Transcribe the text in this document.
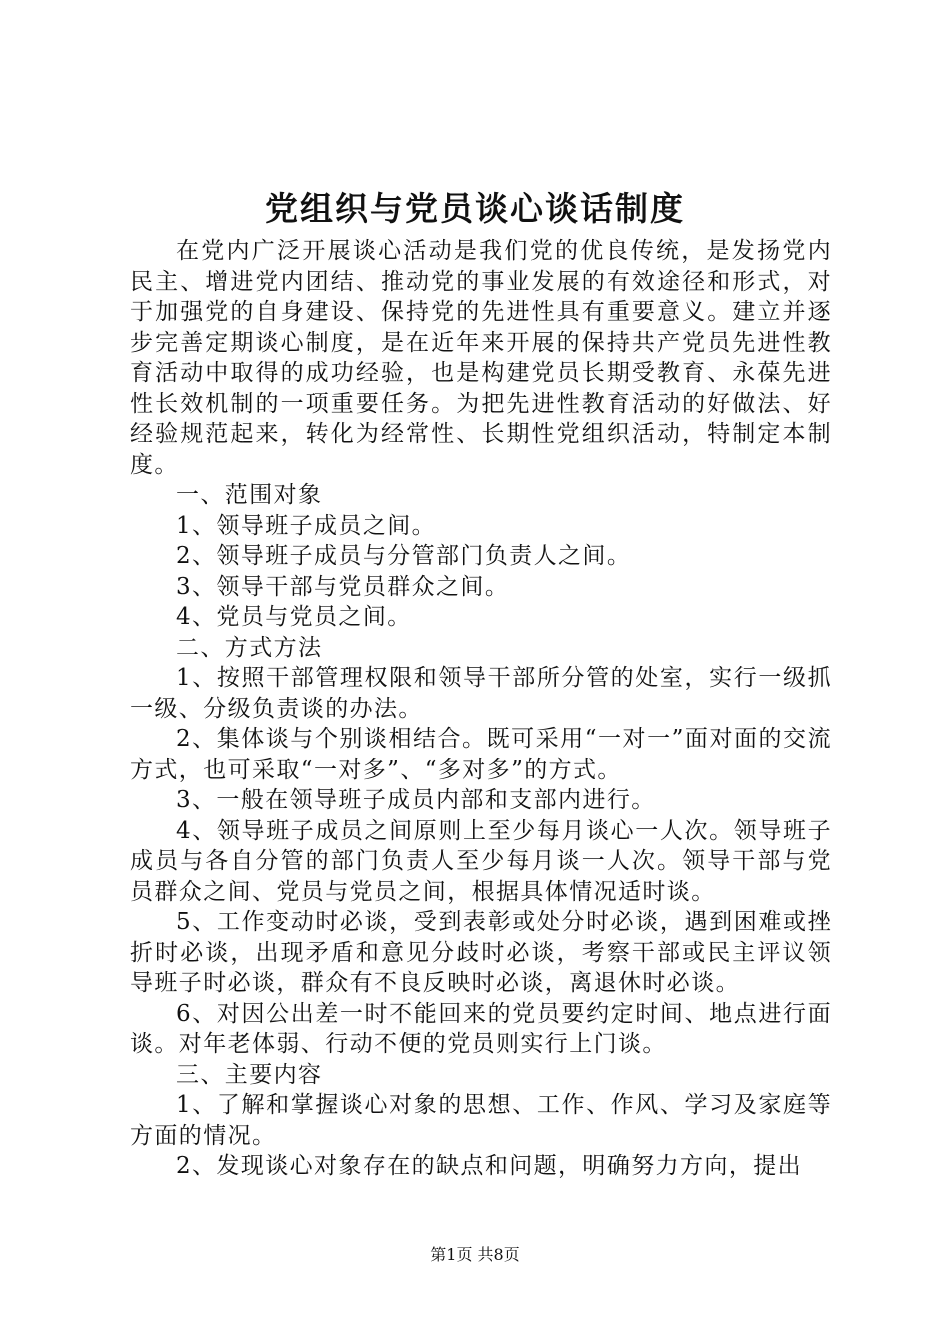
党组织与党员谈心谈话制度

在党内广泛开展谈心活动是我们党的优良传统，是发扬党内民主、增进党内团结、推动党的事业发展的有效途径和形式，对于加强党的自身建设、保持党的先进性具有重要意义。建立并逐步完善定期谈心制度，是在近年来开展的保持共产党员先进性教育活动中取得的成功经验，也是构建党员长期受教育、永葆先进性长效机制的一项重要任务。为把先进性教育活动的好做法、好经验规范起来，转化为经常性、长期性党组织活动，特制定本制度。

一、范围对象

1、领导班子成员之间。

2、领导班子成员与分管部门负责人之间。

3、领导干部与党员群众之间。

4、党员与党员之间。

二、方式方法

1、按照干部管理权限和领导干部所分管的处室，实行一级抓一级、分级负责谈的办法。

2、集体谈与个别谈相结合。既可采用“一对一”面对面的交流方式，也可采取“一对多”、“多对多”的方式。

3、一般在领导班子成员内部和支部内进行。

4、领导班子成员之间原则上至少每月谈心一人次。领导班子成员与各自分管的部门负责人至少每月谈一人次。领导干部与党员群众之间、党员与党员之间，根据具体情况适时谈。

5、工作变动时必谈，受到表彰或处分时必谈，遇到困难或挫折时必谈，出现矛盾和意见分歧时必谈，考察干部或民主评议领导班子时必谈，群众有不良反映时必谈，离退休时必谈。

6、对因公出差一时不能回来的党员要约定时间、地点进行面谈。对年老体弱、行动不便的党员则实行上门谈。

三、主要内容

1、了解和掌握谈心对象的思想、工作、作风、学习及家庭等方面的情况。

2、发现谈心对象存在的缺点和问题，明确努力方向，提出

第1页 共8页
